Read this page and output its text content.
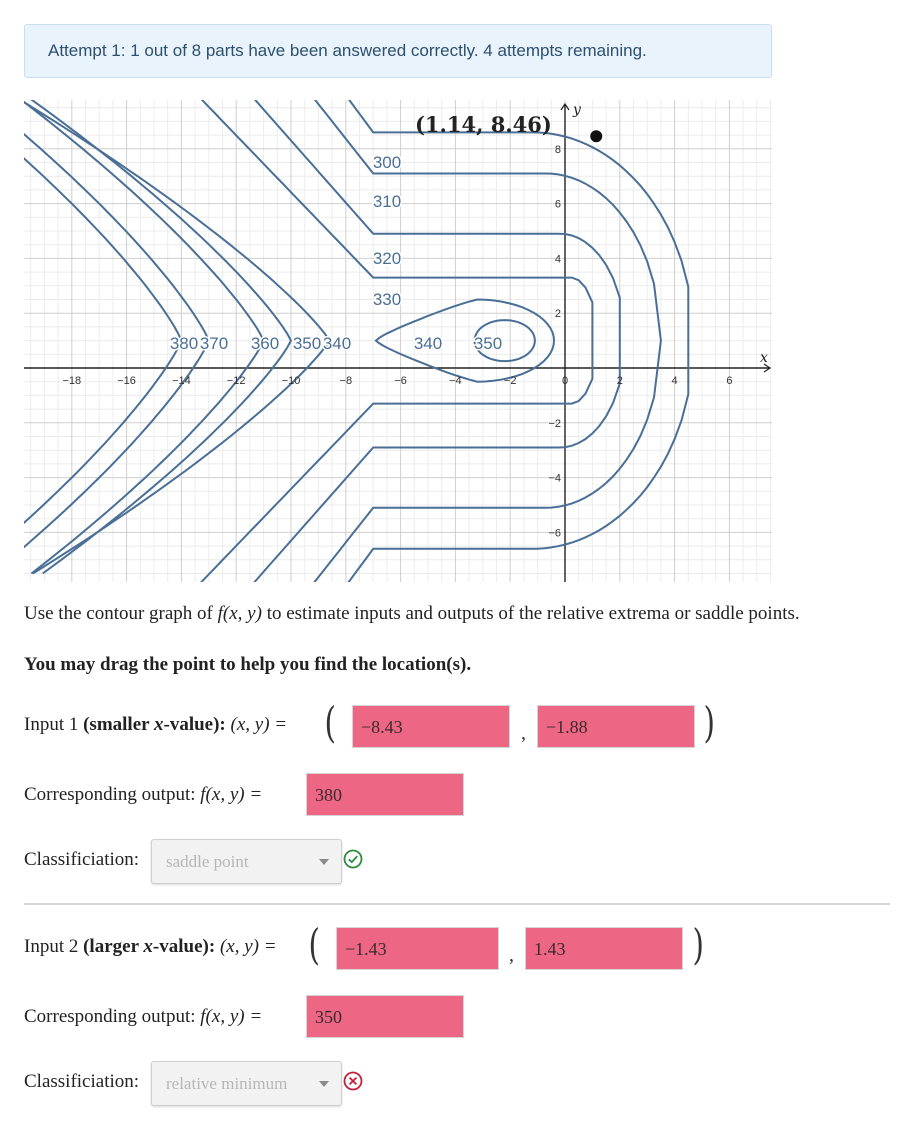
Attempt 1: 1 out of 8 parts have been answered correctly. 4 attempts remaining.
x
y
300
310
320
330
380 370 360 350 340	340 350
−18	−16	−14	−12	−10	−8	−6	−4	−2	0	2	4	6
8
6
4
2
−2
−4
−6
(1.14, 8.46)
Use the contour graph of f(x, y) to estimate inputs and outputs of the relative extrema or saddle points.
You may drag the point to help you find the location(s).
Input 1 (smaller x-value): (x, y) = (	−8.43	,	−1.88	)
Corresponding output: f(x, y) =	380
Classificiation:	saddle point
Input 2 (larger x-value): (x, y) = (	−1.43	,	1.43	)
Corresponding output: f(x, y) =	350
Classificiation:	relative minimum
